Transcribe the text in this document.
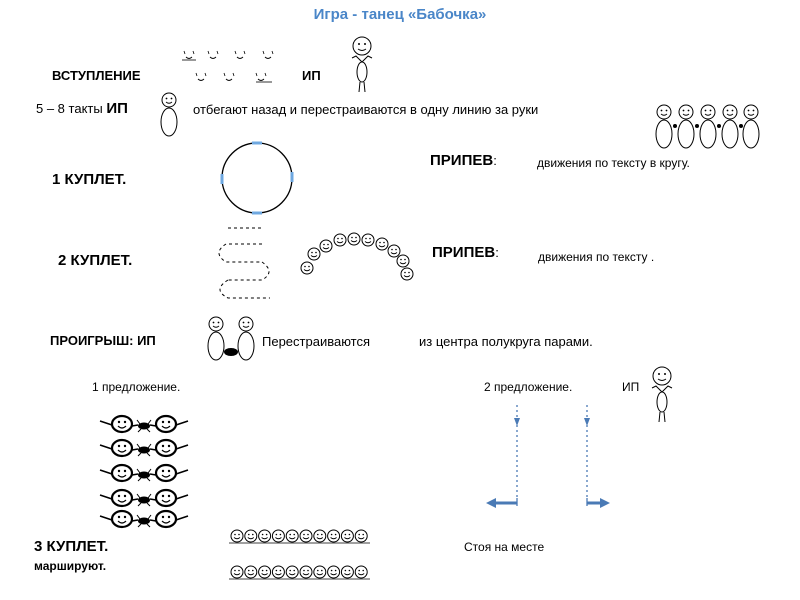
Игра - танец «Бабочка»
ВСТУПЛЕНИЕ	ИП
5 – 8 такты ИП	отбегают назад и перестраиваются в одну линию за руки
1 КУПЛЕТ.
ПРИПЕВ:	движения по тексту в кругу.
2 КУПЛЕТ.	ПРИПЕВ:	движения по тексту .
ПРОИГРЫШ: ИП	Перестраиваются	из центра полукруга парами.
1 предложение.	2 предложение.	ИП
3 КУПЛЕТ.
маршируют.
Стоя на месте
